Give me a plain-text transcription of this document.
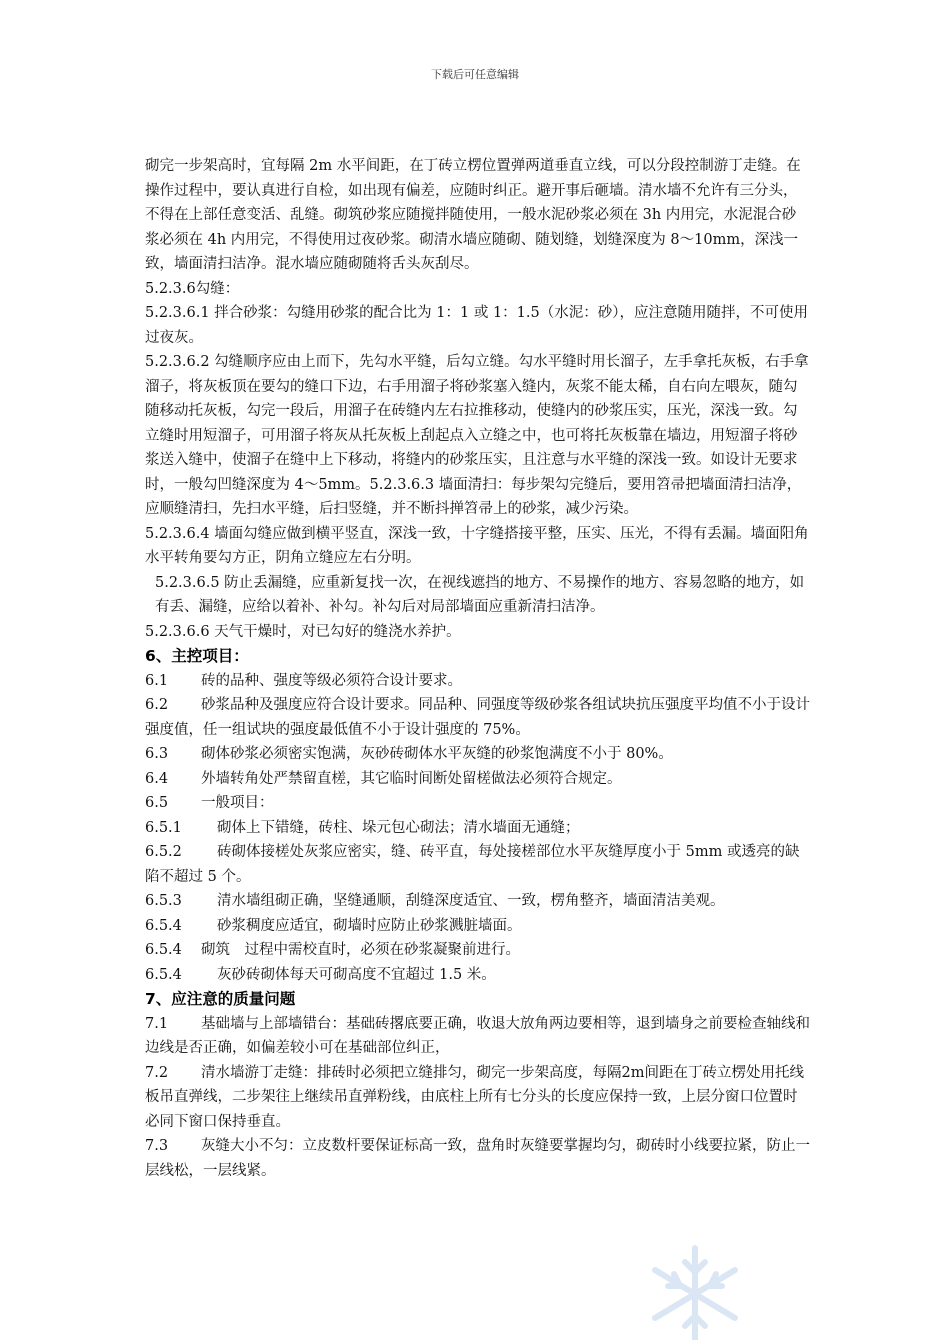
下载后可任意编辑

砌完一步架高时，宜每隔 2m 水平间距，在丁砖立楞位置弹两道垂直立线，可以分段控制游丁走缝。在操作过程中，要认真进行自检，如出现有偏差，应随时纠正。避开事后砸墙。清水墙不允许有三分头，不得在上部任意变活、乱缝。砌筑砂浆应随搅拌随使用，一般水泥砂浆必须在 3h 内用完，水泥混合砂浆必须在 4h 内用完，不得使用过夜砂浆。砌清水墙应随砌、随划缝，划缝深度为 8～10mm，深浅一致，墙面清扫洁净。混水墙应随砌随将舌头灰刮尽。

5.2.3.6勾缝：

5.2.3.6.1 拌合砂浆：勾缝用砂浆的配合比为 1：1 或 1：1.5（水泥：砂），应注意随用随拌，不可使用过夜灰。

5.2.3.6.2 勾缝顺序应由上而下，先勾水平缝，后勾立缝。勾水平缝时用长溜子，左手拿托灰板，右手拿溜子，将灰板顶在要勾的缝口下边，右手用溜子将砂浆塞入缝内，灰浆不能太稀，自右向左喂灰，随勾随移动托灰板，勾完一段后，用溜子在砖缝内左右拉推移动，使缝内的砂浆压实，压光，深浅一致。勾立缝时用短溜子，可用溜子将灰从托灰板上刮起点入立缝之中，也可将托灰板靠在墙边，用短溜子将砂浆送入缝中，使溜子在缝中上下移动，将缝内的砂浆压实，且注意与水平缝的深浅一致。如设计无要求时，一般勾凹缝深度为 4～5mm。5.2.3.6.3 墙面清扫：每步架勾完缝后，要用笤帚把墙面清扫洁净，应顺缝清扫，先扫水平缝，后扫竖缝，并不断抖掸笤帚上的砂浆，减少污染。

5.2.3.6.4 墙面勾缝应做到横平竖直，深浅一致，十字缝搭接平整，压实、压光，不得有丢漏。墙面阳角水平转角要勾方正，阴角立缝应左右分明。

5.2.3.6.5 防止丢漏缝，应重新复找一次，在视线遮挡的地方、不易操作的地方、容易忽略的地方，如有丢、漏缝，应给以着补、补勾。补勾后对局部墙面应重新清扫洁净。

5.2.3.6.6 天气干燥时，对已勾好的缝浇水养护。

6、主控项目：

6.1 砖的品种、强度等级必须符合设计要求。

6.2 砂浆品种及强度应符合设计要求。同品种、同强度等级砂浆各组试块抗压强度平均值不小于设计强度值，任一组试块的强度最低值不小于设计强度的 75%。

6.3 砌体砂浆必须密实饱满，灰砂砖砌体水平灰缝的砂浆饱满度不小于 80%。

6.4 外墙转角处严禁留直槎，其它临时间断处留槎做法必须符合规定。

6.5 一般项目：

6.5.1 砌体上下错缝，砖柱、垛元包心砌法；清水墙面无通缝；

6.5.2 砖砌体接槎处灰浆应密实，缝、砖平直，每处接槎部位水平灰缝厚度小于 5mm 或透亮的缺陷不超过 5 个。

6.5.3 清水墙组砌正确，坚缝通顺，刮缝深度适宜、一致，楞角整齐，墙面清洁美观。

6.5.4 砂浆稠度应适宜，砌墙时应防止砂浆溅脏墙面。

6.5.4 砌筑　过程中需校直时，必须在砂浆凝聚前进行。

6.5.4 灰砂砖砌体每天可砌高度不宜超过 1.5 米。

7、应注意的质量问题

7.1 基础墙与上部墙错台：基础砖撂底要正确，收退大放角两边要相等，退到墙身之前要检查轴线和边线是否正确，如偏差较小可在基础部位纠正，

7.2 清水墙游丁走缝：排砖时必须把立缝排匀，砌完一步架高度，每隔2m间距在丁砖立楞处用托线板吊直弹线，二步架往上继续吊直弹粉线，由底柱上所有七分头的长度应保持一致，上层分窗口位置时必同下窗口保持垂直。

7.3 灰缝大小不匀：立皮数杆要保证标高一致，盘角时灰缝要掌握均匀，砌砖时小线要拉紧，防止一层线松，一层线紧。
